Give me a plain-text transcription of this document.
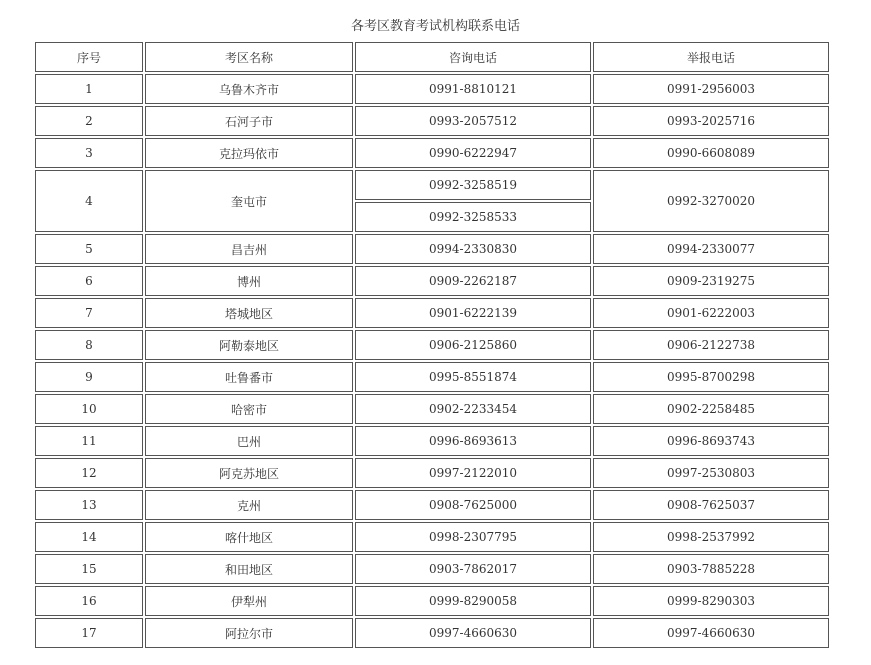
各考区教育考试机构联系电话
序号	考区名称	咨询电话	举报电话
1	乌鲁木齐市	0991-8810121	0991-2956003
2	石河子市	0993-2057512	0993-2025716
3	克拉玛依市	0990-6222947	0990-6608089
4	奎屯市	0992-3258519	0992-3270020
		0992-3258533	
5	昌吉州	0994-2330830	0994-2330077
6	博州	0909-2262187	0909-2319275
7	塔城地区	0901-6222139	0901-6222003
8	阿勒泰地区	0906-2125860	0906-2122738
9	吐鲁番市	0995-8551874	0995-8700298
10	哈密市	0902-2233454	0902-2258485
11	巴州	0996-8693613	0996-8693743
12	阿克苏地区	0997-2122010	0997-2530803
13	克州	0908-7625000	0908-7625037
14	喀什地区	0998-2307795	0998-2537992
15	和田地区	0903-7862017	0903-7885228
16	伊犁州	0999-8290058	0999-8290303
17	阿拉尔市	0997-4660630	0997-4660630
